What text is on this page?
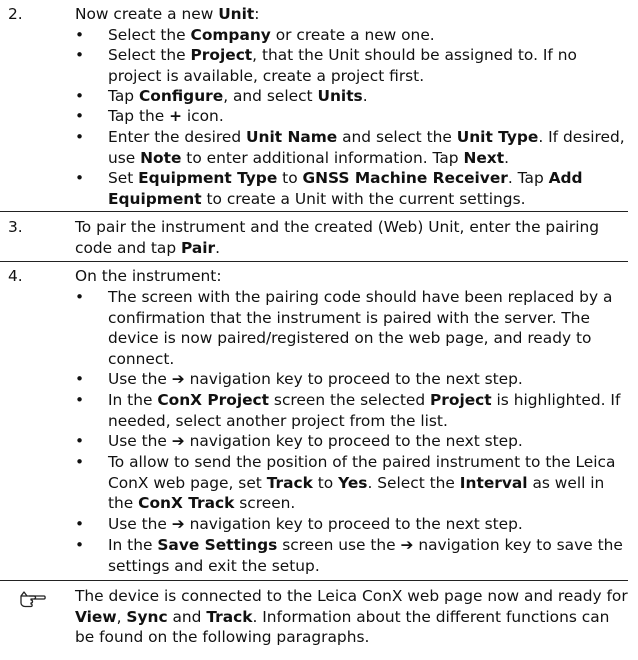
2.	Now create a new Unit:
•	Select the Company or create a new one.
•	Select the Project, that the Unit should be assigned to. If no project is available, create a project first.
•	Tap Configure, and select Units.
•	Tap the + icon.
•	Enter the desired Unit Name and select the Unit Type. If desired, use Note to enter additional information. Tap Next.
•	Set Equipment Type to GNSS Machine Receiver. Tap Add Equipment to create a Unit with the current settings.
3.	To pair the instrument and the created (Web) Unit, enter the pairing code and tap Pair.
4.	On the instrument:
•	The screen with the pairing code should have been replaced by a confirmation that the instrument is paired with the server. The device is now paired/registered on the web page, and ready to connect.
•	Use the ➔ navigation key to proceed to the next step.
•	In the ConX Project screen the selected Project is highlighted. If needed, select another project from the list.
•	Use the ➔ navigation key to proceed to the next step.
•	To allow to send the position of the paired instrument to the Leica ConX web page, set Track to Yes. Select the Interval as well in the ConX Track screen.
•	Use the ➔ navigation key to proceed to the next step.
•	In the Save Settings screen use the ➔ navigation key to save the settings and exit the setup.
The device is connected to the Leica ConX web page now and ready for View, Sync and Track. Information about the different functions can be found on the following paragraphs.
